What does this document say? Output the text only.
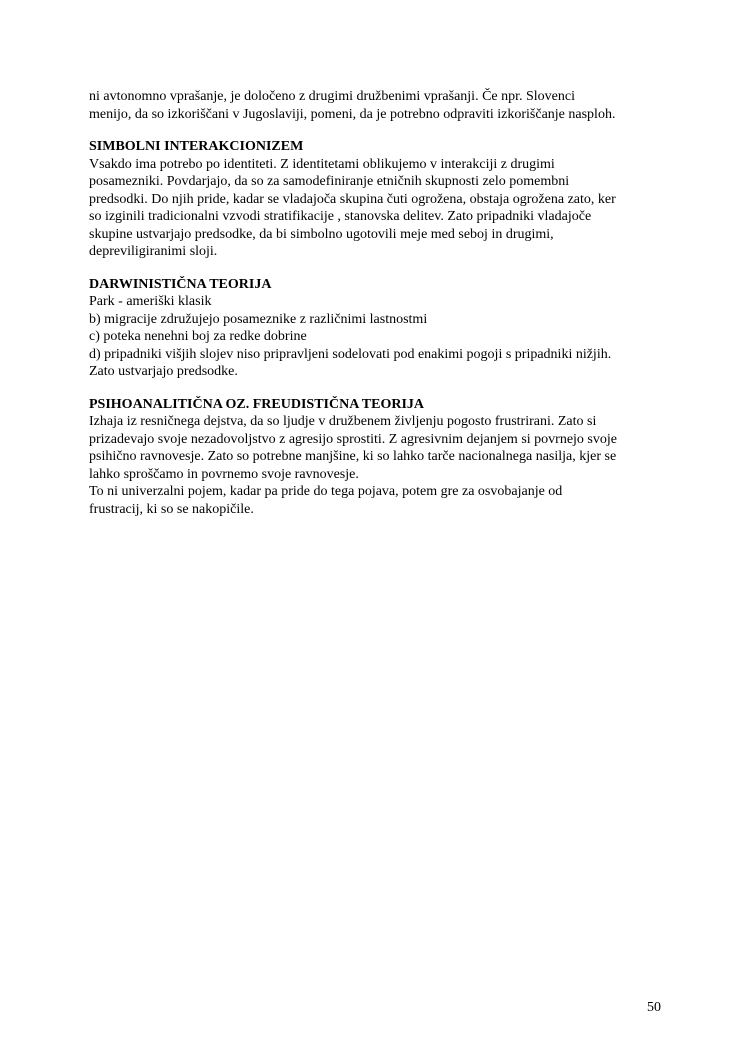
ni avtonomno vprašanje, je določeno z drugimi družbenimi vprašanji. Če npr. Slovenci
menijo, da so izkoriščani v Jugoslaviji, pomeni, da je potrebno odpraviti izkoriščanje nasploh.

SIMBOLNI INTERAKCIONIZEM

Vsakdo ima potrebo po identiteti. Z identitetami oblikujemo v interakciji z drugimi
posamezniki. Povdarjajo, da so za samodefiniranje etničnih skupnosti zelo pomembni
predsodki. Do njih pride, kadar se vladajoča skupina čuti ogrožena, obstaja ogrožena zato, ker
so izginili tradicionalni vzvodi stratifikacije , stanovska delitev. Zato pripadniki vladajoče
skupine ustvarjajo predsodke, da bi simbolno ugotovili meje med seboj in drugimi,
depreviligiranimi sloji.

DARWINISTIČNA TEORIJA

Park - ameriški klasik
b) migracije združujejo posameznike z različnimi lastnostmi
c) poteka nenehni boj za redke dobrine
d) pripadniki višjih slojev niso pripravljeni sodelovati pod enakimi pogoji s pripadniki nižjih.
Zato ustvarjajo predsodke.

PSIHOANALITIČNA OZ. FREUDISTIČNA TEORIJA

Izhaja iz resničnega dejstva, da so ljudje v družbenem življenju pogosto frustrirani. Zato si
prizadevajo svoje nezadovoljstvo z agresijo sprostiti. Z agresivnim dejanjem si povrnejo svoje
psihično ravnovesje. Zato so potrebne manjšine, ki so lahko tarče nacionalnega nasilja, kjer se
lahko sproščamo in povrnemo svoje ravnovesje.
To ni univerzalni pojem, kadar pa pride do tega pojava, potem gre za osvobajanje od
frustracij, ki so se nakopičile.

50
